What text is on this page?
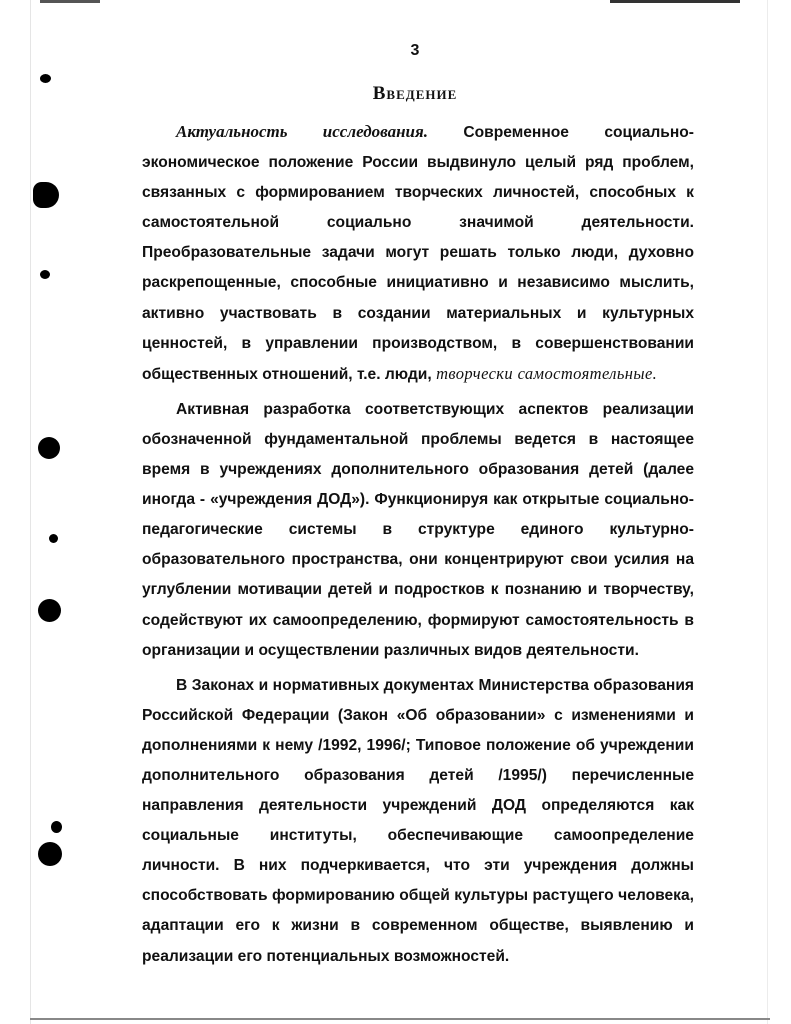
3
Введение

Актуальность исследования. Современное социально-экономическое положение России выдвинуло целый ряд проблем, связанных с формированием творческих личностей, способных к самостоятельной социально значимой деятельности. Преобразовательные задачи могут решать только люди, духовно раскрепощенные, способные инициативно и независимо мыслить, активно участвовать в создании материальных и культурных ценностей, в управлении производством, в совершенствовании общественных отношений, т.е. люди, творчески самостоятельные.

Активная разработка соответствующих аспектов реализации обозначенной фундаментальной проблемы ведется в настоящее время в учреждениях дополнительного образования детей (далее иногда - «учреждения ДОД»). Функционируя как открытые социально-педагогические системы в структуре единого культурно-образовательного пространства, они концентрируют свои усилия на углублении мотивации детей и подростков к познанию и творчеству, содействуют их самоопределению, формируют самостоятельность в организации и осуществлении различных видов деятельности.

В Законах и нормативных документах Министерства образования Российской Федерации (Закон «Об образовании» с изменениями и дополнениями к нему /1992, 1996/; Типовое положение об учреждении дополнительного образования детей /1995/) перечисленные направления деятельности учреждений ДОД определяются как социальные институты, обеспечивающие самоопределение личности. В них подчеркивается, что эти учреждения должны способствовать формированию общей культуры растущего человека, адаптации его к жизни в современном обществе, выявлению и реализации его потенциальных возможностей.
